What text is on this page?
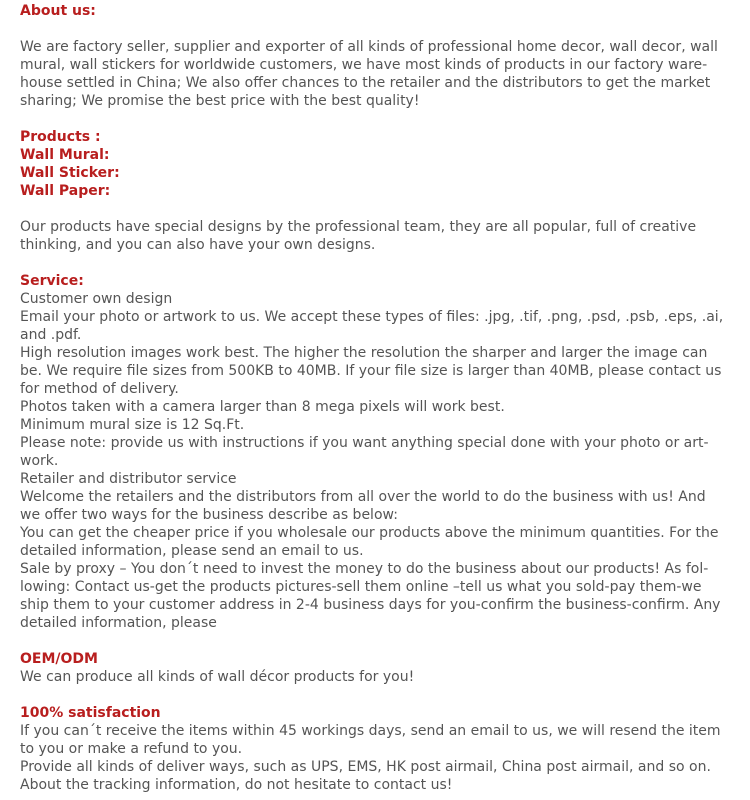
About us:
We are factory seller, supplier and exporter of all kinds of professional home decor, wall decor, wall
mural, wall stickers for worldwide customers, we have most kinds of products in our factory ware-
house settled in China; We also offer chances to the retailer and the distributors to get the market
sharing; We promise the best price with the best quality!
Products :
Wall Mural:
Wall Sticker:
Wall Paper:
Our products have special designs by the professional team, they are all popular, full of creative
thinking, and you can also have your own designs.
Service:
Customer own design
Email your photo or artwork to us. We accept these types of files: .jpg, .tif, .png, .psd, .psb, .eps, .ai,
and .pdf.
High resolution images work best. The higher the resolution the sharper and larger the image can
be. We require file sizes from 500KB to 40MB. If your file size is larger than 40MB, please contact us
for method of delivery.
Photos taken with a camera larger than 8 mega pixels will work best.
Minimum mural size is 12 Sq.Ft.
Please note: provide us with instructions if you want anything special done with your photo or art-
work.
Retailer and distributor service
Welcome the retailers and the distributors from all over the world to do the business with us! And
we offer two ways for the business describe as below:
You can get the cheaper price if you wholesale our products above the minimum quantities. For the
detailed information, please send an email to us.
Sale by proxy – You don´t need to invest the money to do the business about our products! As fol-
lowing: Contact us-get the products pictures-sell them online –tell us what you sold-pay them-we
ship them to your customer address in 2-4 business days for you-confirm the business-confirm. Any
detailed information, please
OEM/ODM
We can produce all kinds of wall décor products for you!
100% satisfaction
If you can´t receive the items within 45 workings days, send an email to us, we will resend the item
to you or make a refund to you.
Provide all kinds of deliver ways, such as UPS, EMS, HK post airmail, China post airmail, and so on.
About the tracking information, do not hesitate to contact us!
